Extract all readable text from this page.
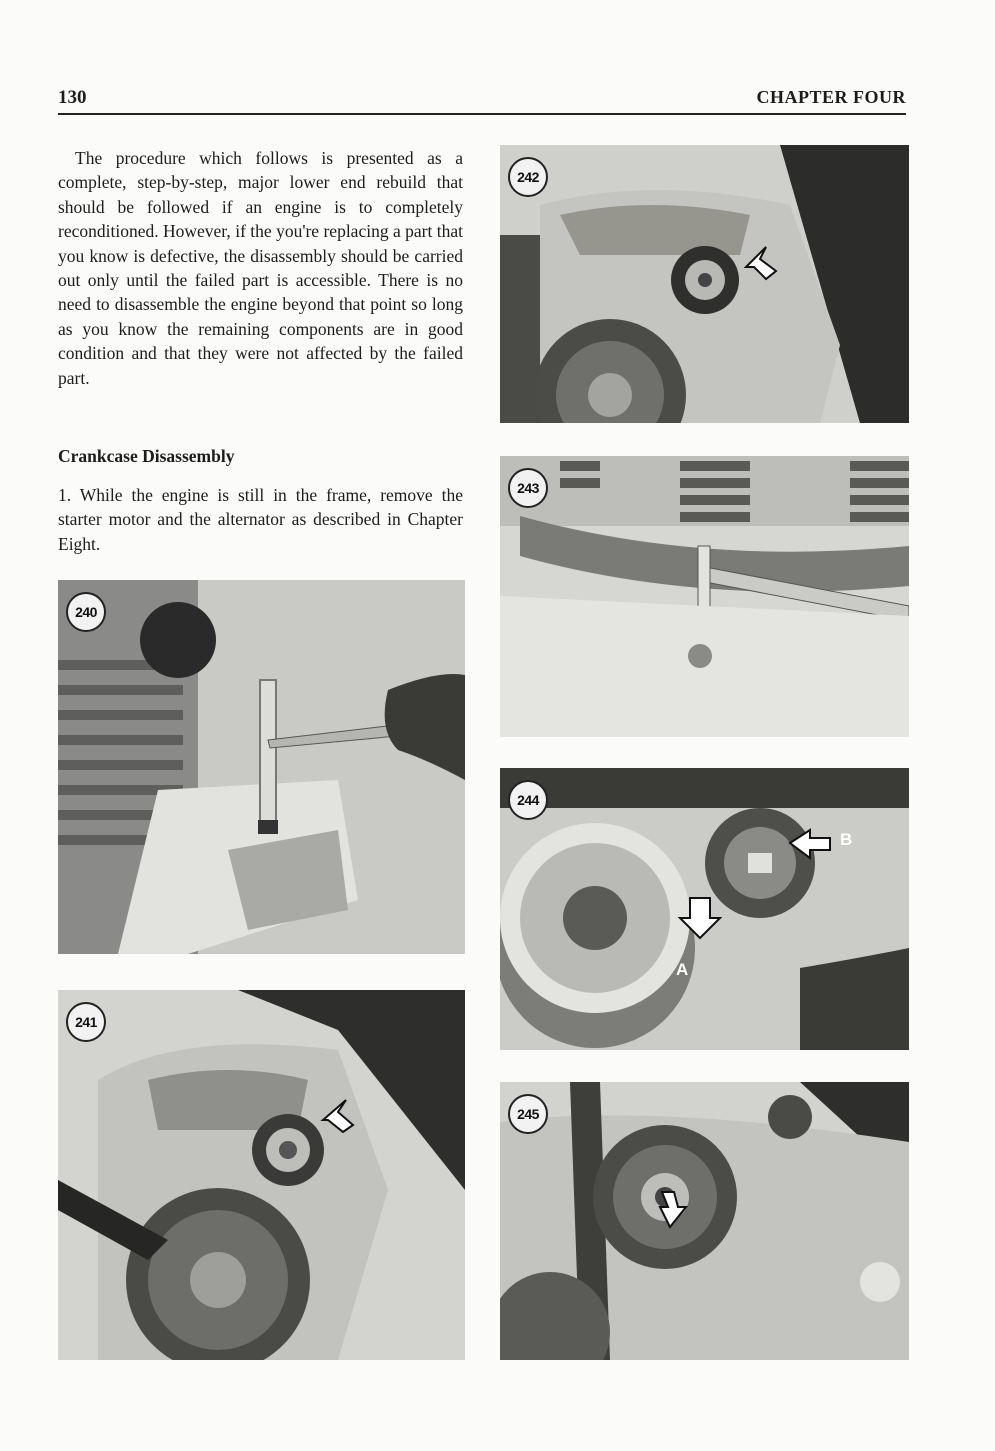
130	CHAPTER FOUR

The procedure which follows is presented as a complete, step-by-step, major lower end rebuild that should be followed if an engine is to completely reconditioned. However, if the you're replacing a part that you know is defective, the disassembly should be carried out only until the failed part is accessible. There is no need to disassemble the engine beyond that point so long as you know the remaining components are in good condition and that they were not affected by the failed part.

Crankcase Disassembly

1. While the engine is still in the frame, remove the starter motor and the alternator as described in Chapter Eight.

240
241
242
243
244
A
B
245
